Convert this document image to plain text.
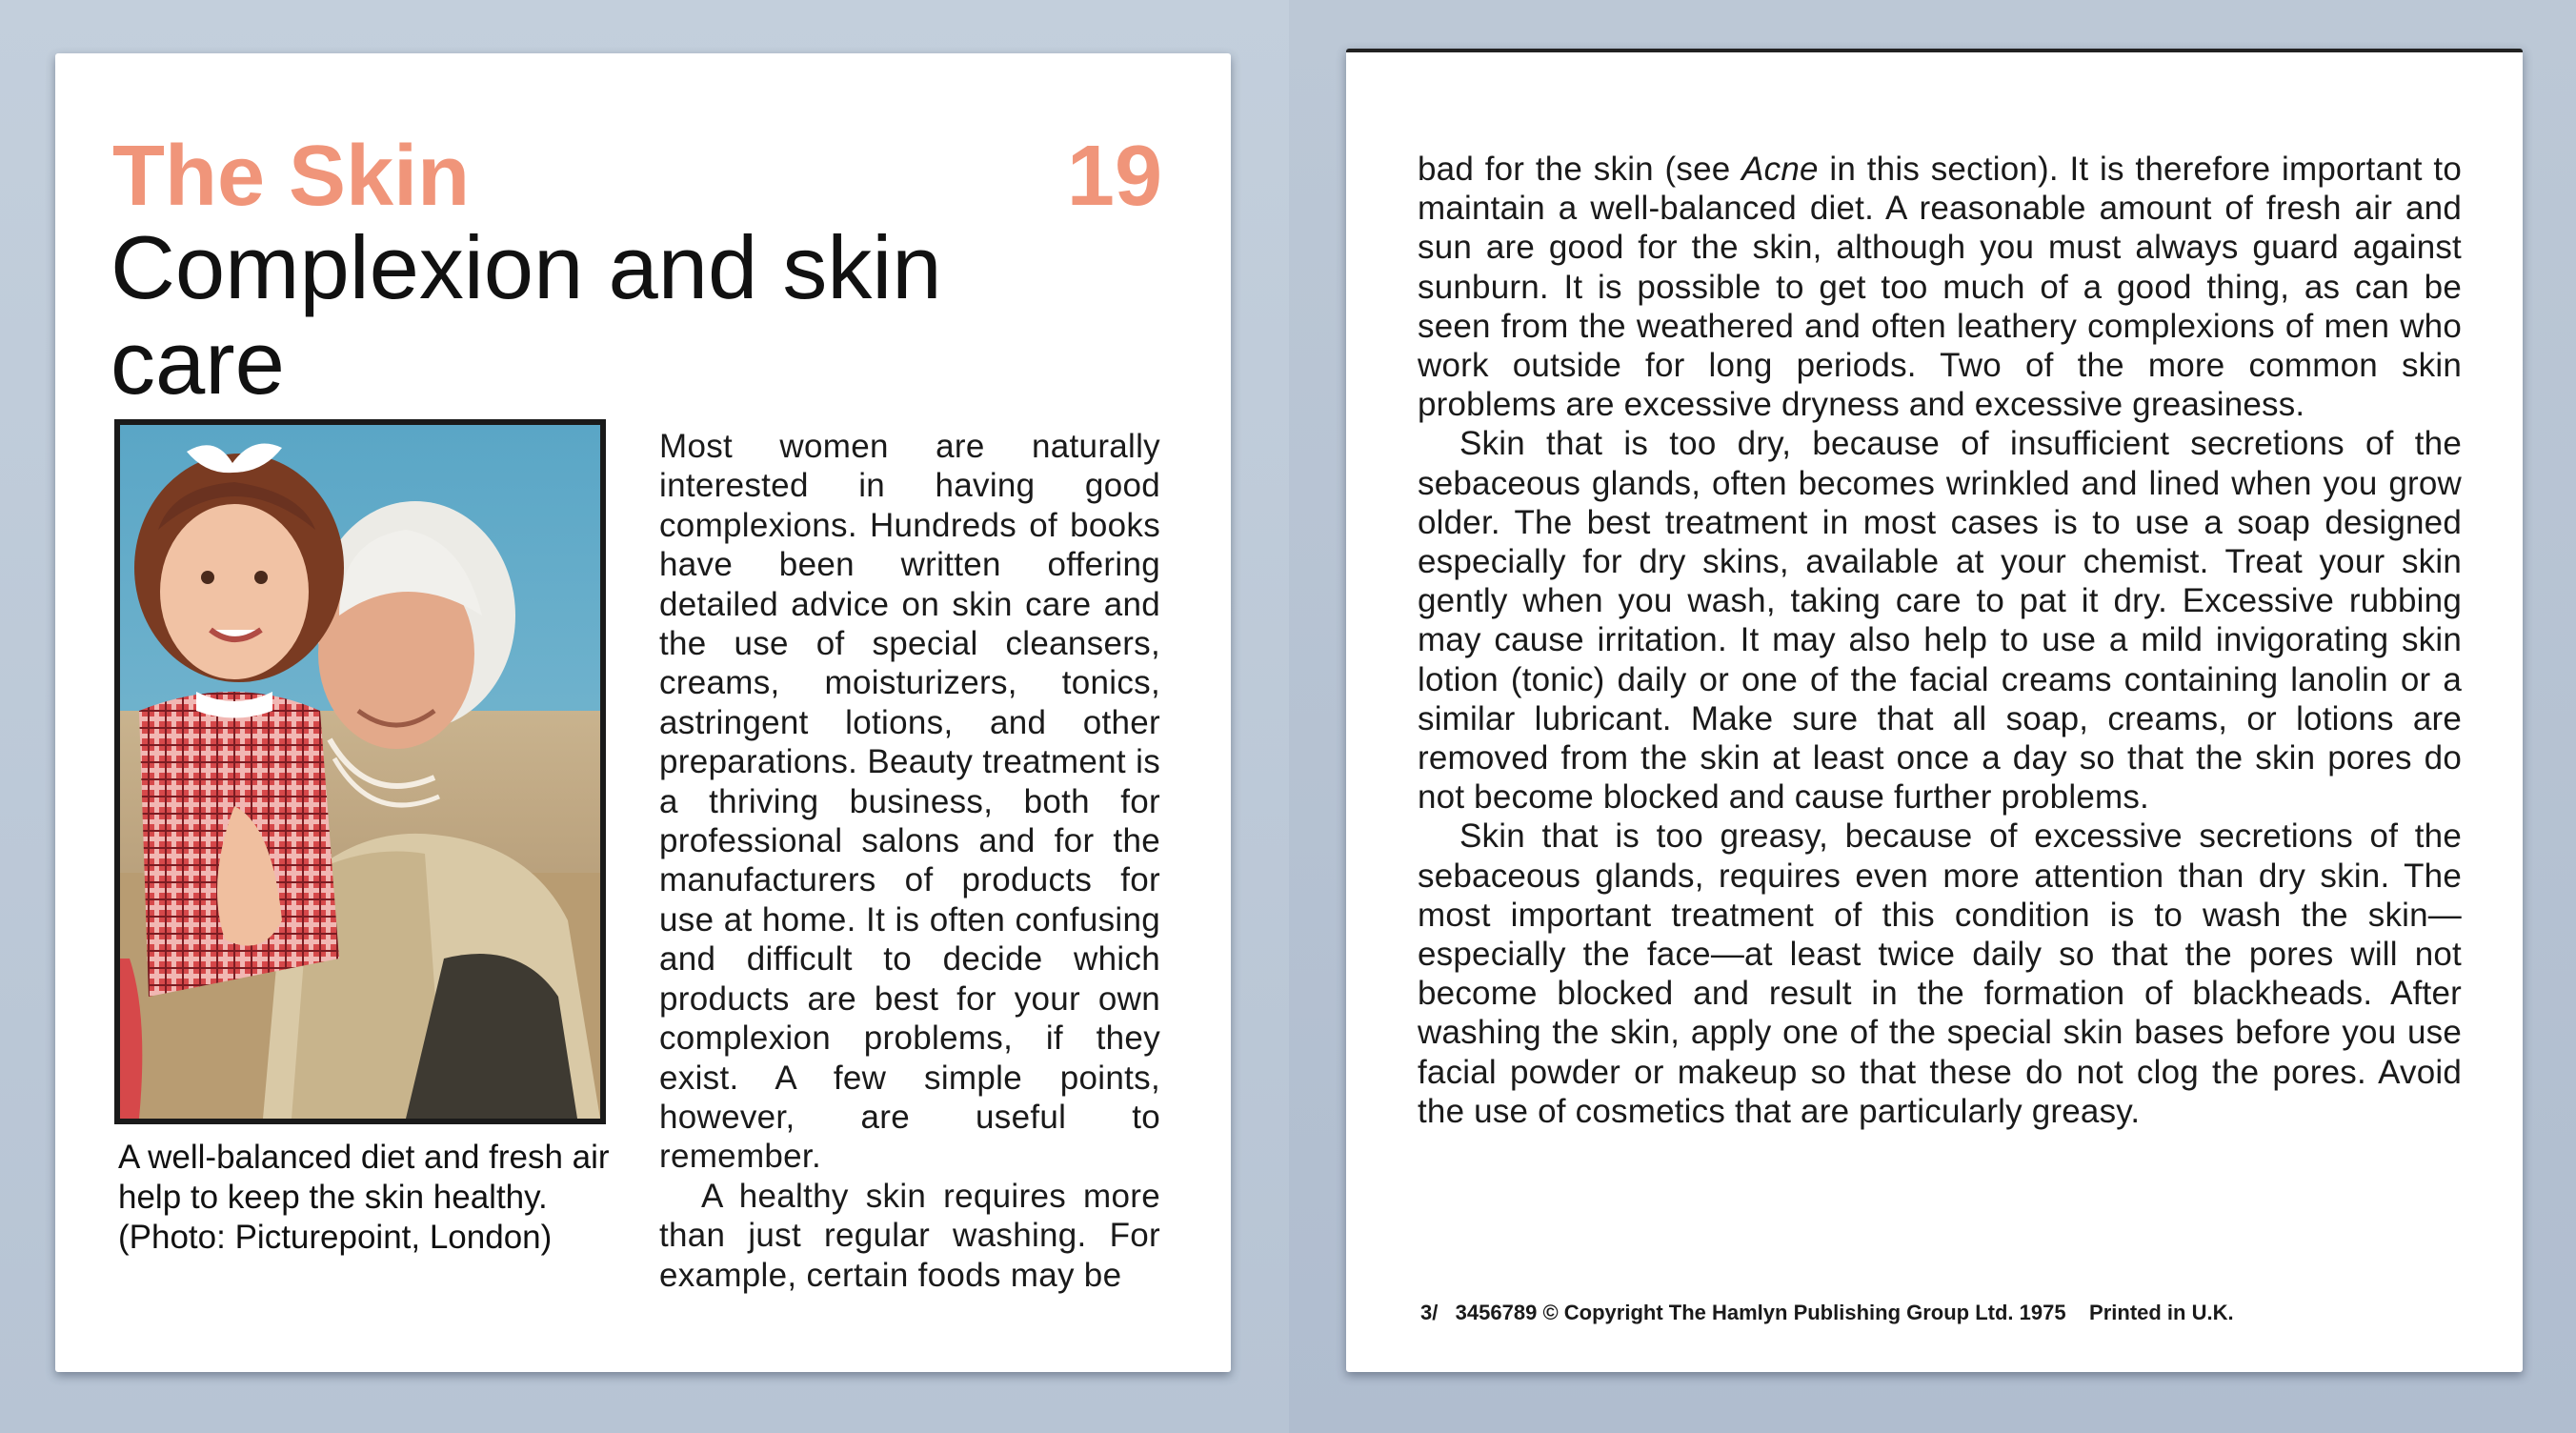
The Skin	19
Complexion and skin care

A well-balanced diet and fresh air help to keep the skin healthy. (Photo: Picturepoint, London)

Most women are naturally interested in having good complexions. Hundreds of books have been written offering detailed advice on skin care and the use of special cleansers, creams, moisturizers, tonics, astringent lotions, and other preparations. Beauty treatment is a thriving business, both for professional salons and for the manufacturers of products for use at home. It is often confusing and difficult to decide which products are best for your own complexion problems, if they exist. A few simple points, however, are useful to remember.

A healthy skin requires more than just regular washing. For example, certain foods may be

bad for the skin (see Acne in this section). It is therefore important to maintain a well-balanced diet. A reasonable amount of fresh air and sun are good for the skin, although you must always guard against sunburn. It is possible to get too much of a good thing, as can be seen from the weathered and often leathery complexions of men who work outside for long periods. Two of the more common skin problems are excessive dryness and excessive greasiness.

Skin that is too dry, because of insufficient secretions of the sebaceous glands, often becomes wrinkled and lined when you grow older. The best treatment in most cases is to use a soap designed especially for dry skins, available at your chemist. Treat your skin gently when you wash, taking care to pat it dry. Excessive rubbing may cause irritation. It may also help to use a mild invigorating skin lotion (tonic) daily or one of the facial creams containing lanolin or a similar lubricant. Make sure that all soap, creams, or lotions are removed from the skin at least once a day so that the skin pores do not become blocked and cause further problems.

Skin that is too greasy, because of excessive secretions of the sebaceous glands, requires even more attention than dry skin. The most important treatment of this condition is to wash the skin—especially the face—at least twice daily so that the pores will not become blocked and result in the formation of blackheads. After washing the skin, apply one of the special skin bases before you use facial powder or makeup so that these do not clog the pores. Avoid the use of cosmetics that are particularly greasy.

3/   3456789 © Copyright The Hamlyn Publishing Group Ltd. 1975    Printed in U.K.
